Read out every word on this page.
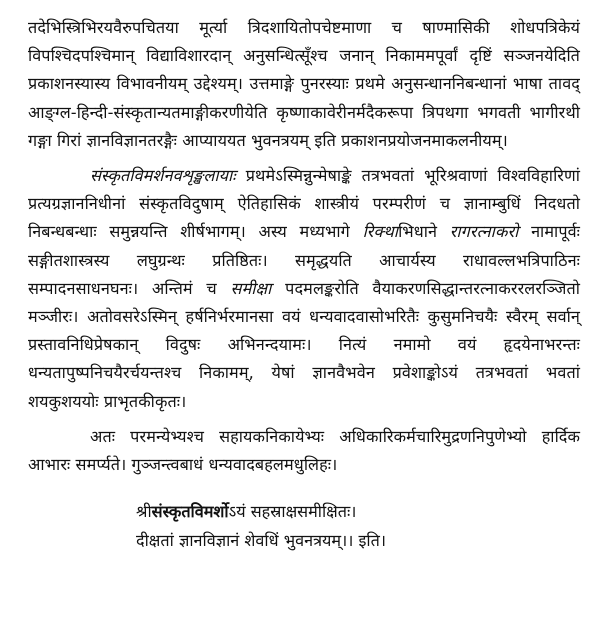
तदेभिस्त्रिभिरयवैरुपचितया मूर्त्या त्रिदशायितोपचेष्टमाणा च षाण्मासिकी शोधपत्रिकेयं विपश्चिदपश्चिमान् विद्याविशारदान् अनुसन्धित्सूँश्च जनान् निकाममपूर्वां दृष्टिं सञ्जनयेदिति प्रकाशनस्यास्य विभावनीयम् उद्देश्यम्। उत्तमाङ्गे पुनरस्याः प्रथमे अनुसन्धाननिबन्धानां भाषा तावद् आङ्ग्ल-हिन्दी-संस्कृतान्यतमाङ्गीकरणीयेति कृष्णाकावेरीनर्मदैकरूपा त्रिपथगा भगवती भागीरथी गङ्गा गिरां ज्ञानविज्ञानतरङ्गैः आप्याययत भुवनत्रयम् इति प्रकाशनप्रयोजनमाकलनीयम्।

संस्कृतविमर्शनवशृङ्खलायाः प्रथमेऽस्मिन्नुन्मेषाङ्के तत्रभवतां भूरिश्रवाणां विश्वविहारिणां प्रत्यग्रज्ञाननिधीनां संस्कृतविदुषाम् ऐतिहासिकं शास्त्रीयं परम्परीणं च ज्ञानाम्बुधिं निदधतो निबन्धबन्धाः समुन्नयन्ति शीर्षभागम्। अस्य मध्यभागे रिक्थाभिधाने रागरत्नाकरो नामापूर्वः सङ्गीतशास्त्रस्य लघुग्रन्थः प्रतिष्ठितः। समृद्धयति आचार्यस्य राधावल्लभत्रिपाठिनः सम्पादनसाधनघनः। अन्तिमं च समीक्षा पदमलङ्करोति वैयाकरणसिद्धान्तरत्नाकररलरञ्जितो मञ्जीरः। अतोवसरेऽस्मिन् हर्षनिर्भरमानसा वयं धन्यवादवासोभरितैः कुसुमनिचयैः स्वैरम् सर्वान् प्रस्तावनिधिप्रेषकान् विदुषः अभिनन्दयामः। नित्यं नमामो वयं हृदयेनाभरन्तः धन्यतापुष्पनिचयैरर्चयन्तश्च निकामम्, येषां ज्ञानवैभवेन प्रवेशाङ्कोऽयं तत्रभवतां भवतां शयकुशययोः प्राभृतकीकृतः।

अतः परमन्येभ्यश्च सहायकनिकायेभ्यः अधिकारिकर्मचारिमुद्रणनिपुणेभ्यो हार्दिक आभारः समर्प्यते। गुञ्जन्त्वबाधं धन्यवादबहलमधुलिहः।

श्रीसंस्कृतविमर्शोऽयं सहस्राक्षसमीक्षितः।
दीक्षतां ज्ञानविज्ञानं शेवधिं भुवनत्रयम्।। इति।
